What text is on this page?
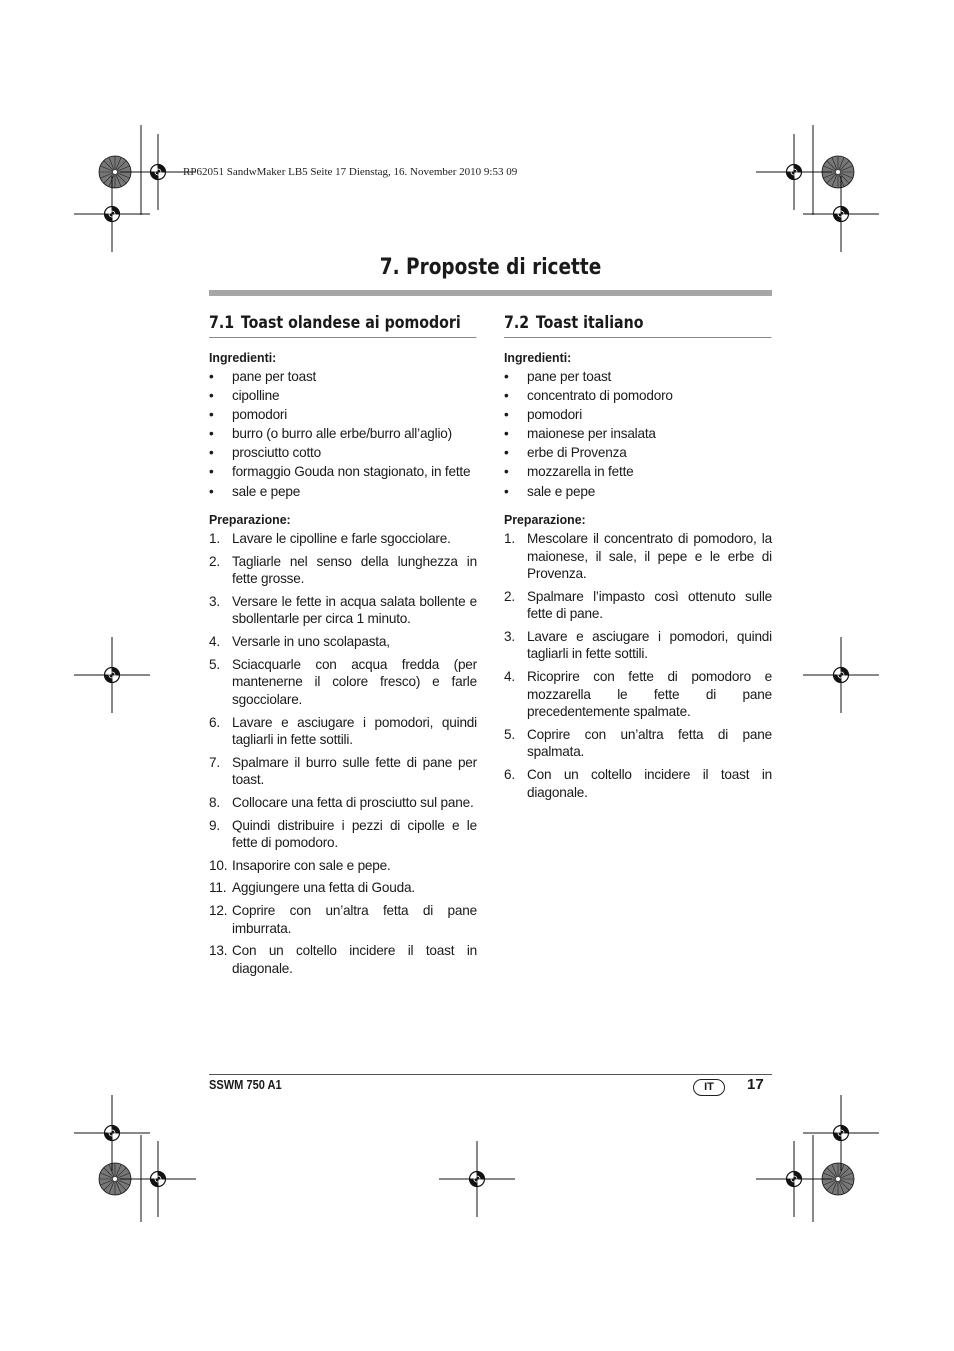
RP62051 SandwMaker LB5 Seite 17 Dienstag, 16. November 2010 9:53 09
7. Proposte di ricette
7.1 Toast olandese ai pomodori
Ingredienti:
• pane per toast
• cipolline
• pomodori
• burro (o burro alle erbe/burro all’aglio)
• prosciutto cotto
• formaggio Gouda non stagionato, in fette
• sale e pepe
Preparazione:
1. Lavare le cipolline e farle sgocciolare.
2. Tagliarle nel senso della lunghezza in fette grosse.
3. Versare le fette in acqua salata bollente e sbollentarle per circa 1 minuto.
4. Versarle in uno scolapasta,
5. Sciacquarle con acqua fredda (per mantenerne il colore fresco) e farle sgocciolare.
6. Lavare e asciugare i pomodori, quindi tagliarli in fette sottili.
7. Spalmare il burro sulle fette di pane per toast.
8. Collocare una fetta di prosciutto sul pane.
9. Quindi distribuire i pezzi di cipolle e le fette di pomodoro.
10. Insaporire con sale e pepe.
11. Aggiungere una fetta di Gouda.
12. Coprire con un’altra fetta di pane imburrata.
13. Con un coltello incidere il toast in diagonale.
7.2 Toast italiano
Ingredienti:
• pane per toast
• concentrato di pomodoro
• pomodori
• maionese per insalata
• erbe di Provenza
• mozzarella in fette
• sale e pepe
Preparazione:
1. Mescolare il concentrato di pomodoro, la maionese, il sale, il pepe e le erbe di Provenza.
2. Spalmare l’impasto così ottenuto sulle fette di pane.
3. Lavare e asciugare i pomodori, quindi tagliarli in fette sottili.
4. Ricoprire con fette di pomodoro e mozzarella le fette di pane precedentemente spalmate.
5. Coprire con un’altra fetta di pane spalmata.
6. Con un coltello incidere il toast in diagonale.
SSWM 750 A1	IT	17
